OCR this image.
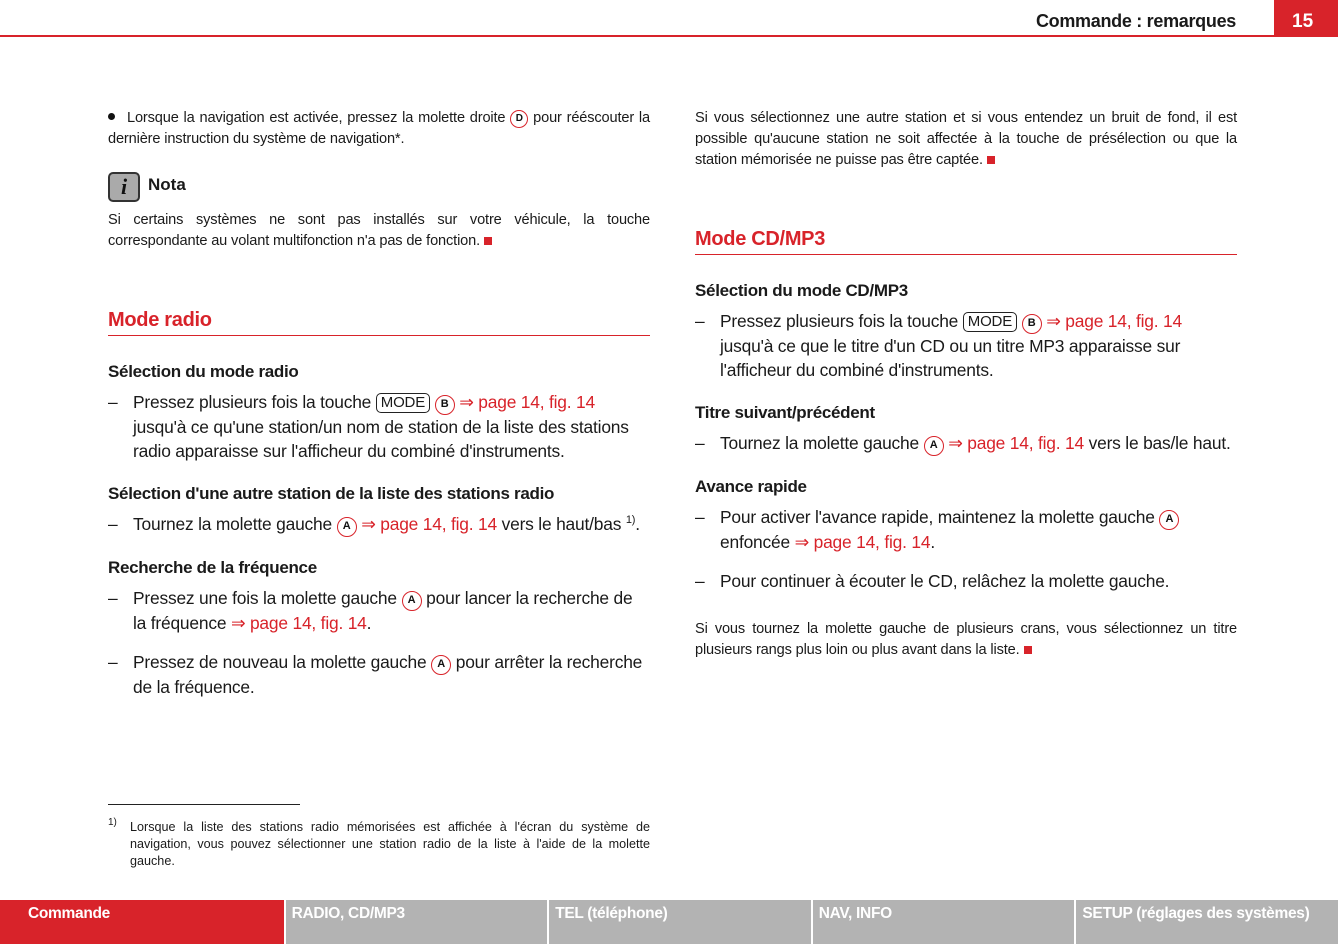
Commande : remarques	15
Lorsque la navigation est activée, pressez la molette droite D pour rééscouter la dernière instruction du système de navigation*.
i Nota
Si certains systèmes ne sont pas installés sur votre véhicule, la touche correspondante au volant multifonction n'a pas de fonction.
Mode radio
Sélection du mode radio
– Pressez plusieurs fois la touche MODE B ⇒ page 14, fig. 14 jusqu'à ce qu'une station/un nom de station de la liste des stations radio apparaisse sur l'afficheur du combiné d'instruments.
Sélection d'une autre station de la liste des stations radio
– Tournez la molette gauche A ⇒ page 14, fig. 14 vers le haut/bas $^{1)}$.
Recherche de la fréquence
– Pressez une fois la molette gauche A pour lancer la recherche de la fréquence ⇒ page 14, fig. 14.
– Pressez de nouveau la molette gauche A pour arrêter la recherche de la fréquence.
1) Lorsque la liste des stations radio mémorisées est affichée à l'écran du système de navigation, vous pouvez sélectionner une station radio de la liste à l'aide de la molette gauche.
Si vous sélectionnez une autre station et si vous entendez un bruit de fond, il est possible qu'aucune station ne soit affectée à la touche de présélection ou que la station mémorisée ne puisse pas être captée.
Mode CD/MP3
Sélection du mode CD/MP3
– Pressez plusieurs fois la touche MODE B ⇒ page 14, fig. 14 jusqu'à ce que le titre d'un CD ou un titre MP3 apparaisse sur l'afficheur du combiné d'instruments.
Titre suivant/précédent
– Tournez la molette gauche A ⇒ page 14, fig. 14 vers le bas/le haut.
Avance rapide
– Pour activer l'avance rapide, maintenez la molette gauche A enfoncée ⇒ page 14, fig. 14.
– Pour continuer à écouter le CD, relâchez la molette gauche.
Si vous tournez la molette gauche de plusieurs crans, vous sélectionnez un titre plusieurs rangs plus loin ou plus avant dans la liste.
Commande	RADIO, CD/MP3	TEL (téléphone)	NAV, INFO	SETUP (réglages des systèmes)
